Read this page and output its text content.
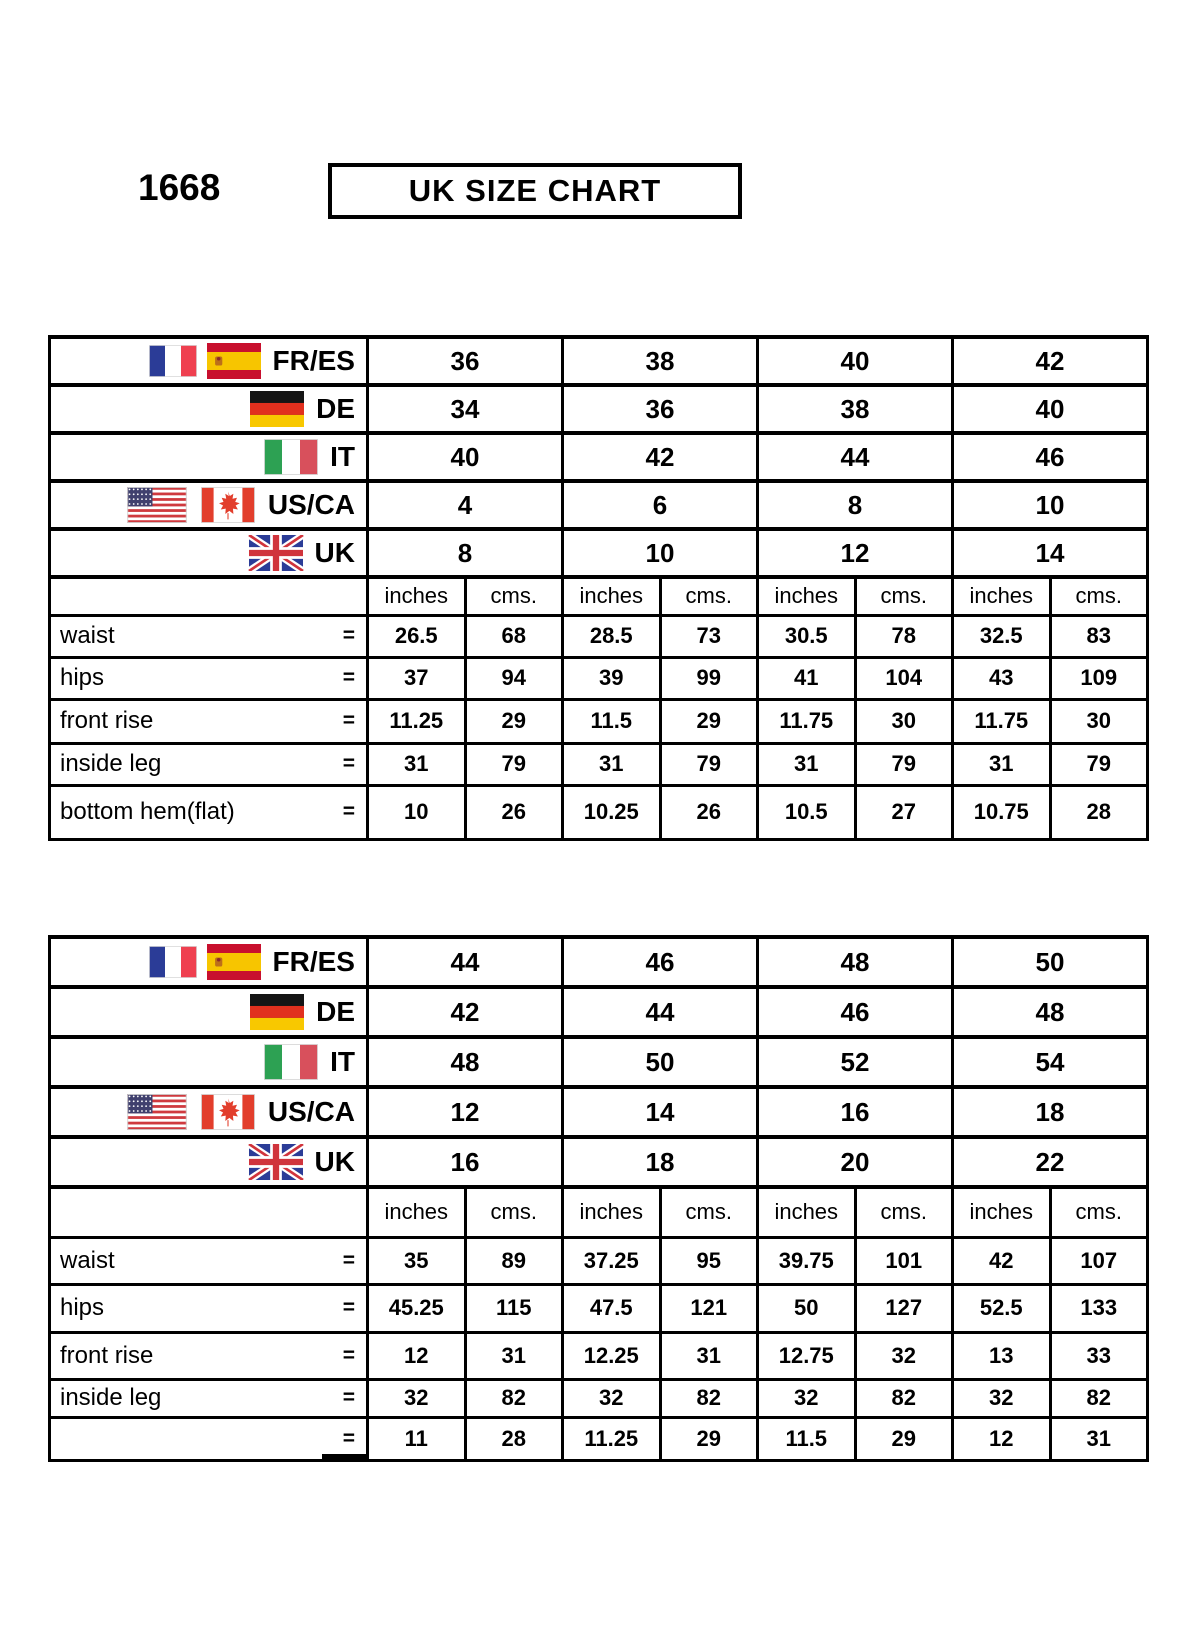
1668	UK SIZE CHART
FR/ES	36		38		40		42	

DE	34		36		38		40	

IT	40		42		44		46	

US/CA	4		6		8		10	

UK	8		10		12		14	
	inches	cms.	inches	cms.	inches	cms.	inches	cms.

waist =	26.5	68	28.5	73	30.5	78	32.5	83

hips =	37	94	39	99	41	104	43	109

front rise =	11.25	29	11.5	29	11.75	30	11.75	30

inside leg =	31	79	31	79	31	79	31	79

bottom hem(flat) =	10	26	10.25	26	10.5	27	10.75	28
FR/ES	44		46		48		50	

DE	42		44		46		48	

IT	48		50		52		54	

US/CA	12		14		16		18	

UK	16		18		20		22	
	inches	cms.	inches	cms.	inches	cms.	inches	cms.

waist =	35	89	37.25	95	39.75	101	42	107

hips =	45.25	115	47.5	121	50	127	52.5	133

front rise =	12	31	12.25	31	12.75	32	13	33

inside leg =	32	82	32	82	32	82	32	82

=	11	28	11.25	29	11.5	29	12	31
